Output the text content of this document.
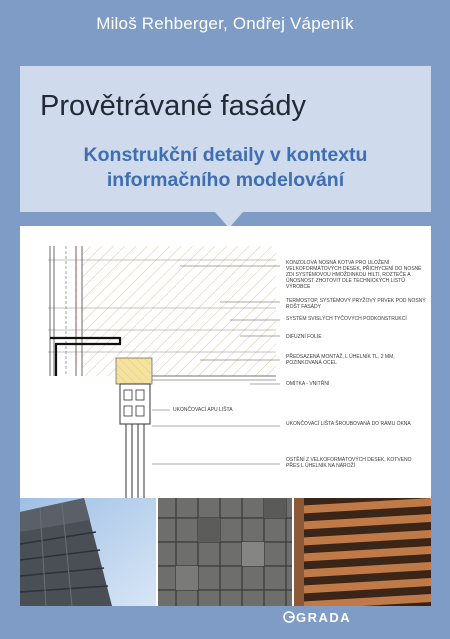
Miloš Rehberger, Ondřej Vápeník
Provětrávané fasády
Konstrukční detaily v kontextu
informačního modelování
KONZOLOVÁ NOSNÁ KOTVA PRO ULOŽENÍ VELKOFORMÁTOVÝCH DESEK, PŘICHYCENÍ DO NOSNÉ ZDI SYSTÉMOVOU HMOŽDINKOU HILTI, ROZTEČE A ÚNOSNOST ZHOTOVIT DLE TECHNICKÝCH LISTŮ VÝROBCE
TERMOSTOP, SYSTÉMOVÝ PRYŽOVÝ PRVEK POD NOSNÝ ROŠT FASÁDY
SYSTÉM SVISLÝCH TYČOVÝCH PODKONSTRUKCÍ
DIFUZNÍ FOLIE
PŘEDSAZENÁ MONTÁŽ, L ÚHELNÍK TL. 2 MM, POZINKOVANÁ OCEL
OMÍTKA - VNITŘNÍ
UKONČOVACÍ APU LIŠTA
UKONČOVACÍ LIŠTA ŠROUBOVANÁ DO RÁMU OKNA
OSTĚNÍ Z VELKOFORMÁTOVÝCH DESEK, KOTVENO PŘES L ÚHELNÍK NA NÁROŽÍ
GRADA
